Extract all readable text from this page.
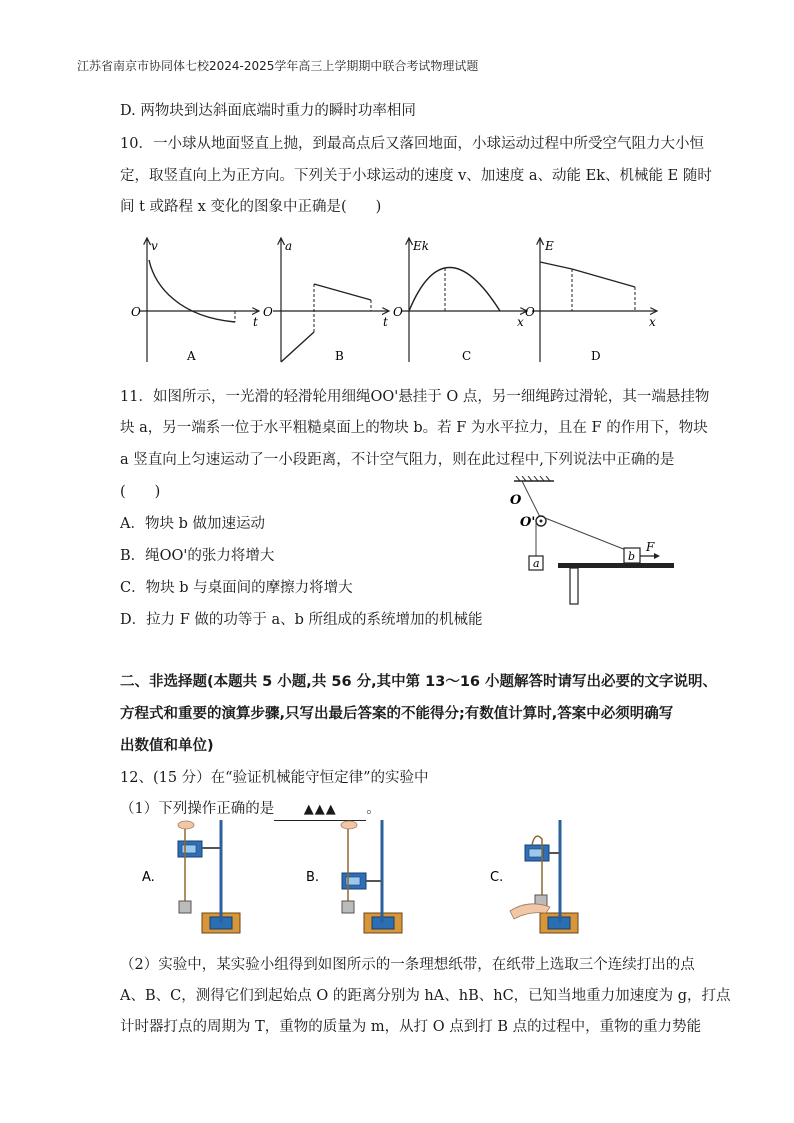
江苏省南京市协同体七校2024-2025学年高三上学期期中联合考试物理试题
D. 两物块到达斜面底端时重力的瞬时功率相同
10．一小球从地面竖直上抛，到最高点后又落回地面，小球运动过程中所受空气阻力大小恒
定，取竖直向上为正方向。下列关于小球运动的速度 v、加速度 a、动能 Ek、机械能 E 随时
间 t 或路程 x 变化的图象中正确是(　　)
v
O
t
A
a
O
t
B
Ek
O
x
C
E
O
x
D
11．如图所示，一光滑的轻滑轮用细绳OO'悬挂于 O 点，另一细绳跨过滑轮，其一端悬挂物
块 a，另一端系一位于水平粗糙桌面上的物块 b。若 F 为水平拉力，且在 F 的作用下，物块
a 竖直向上匀速运动了一小段距离，不计空气阻力，则在此过程中,下列说法中正确的是
(　　)
A．物块 b 做加速运动
B．绳OO'的张力将增大
C．物块 b 与桌面间的摩擦力将增大
D．拉力 F 做的功等于 a、b 所组成的系统增加的机械能
O
O'
a
b
F
二、非选择题(本题共 5 小题,共 56 分,其中第 13～16 小题解答时请写出必要的文字说明、
方程式和重要的演算步骤,只写出最后答案的不能得分;有数值计算时,答案中必须明确写
出数值和单位)
12、(15 分）在“验证机械能守恒定律”的实验中
（1）下列操作正确的是 ▲▲▲ 。
A.	B.	C.
（2）实验中，某实验小组得到如图所示的一条理想纸带，在纸带上选取三个连续打出的点
A、B、C，测得它们到起始点 O 的距离分别为 hA、hB、hC，已知当地重力加速度为 g，打点
计时器打点的周期为 T，重物的质量为 m，从打 O 点到打 B 点的过程中，重物的重力势能
